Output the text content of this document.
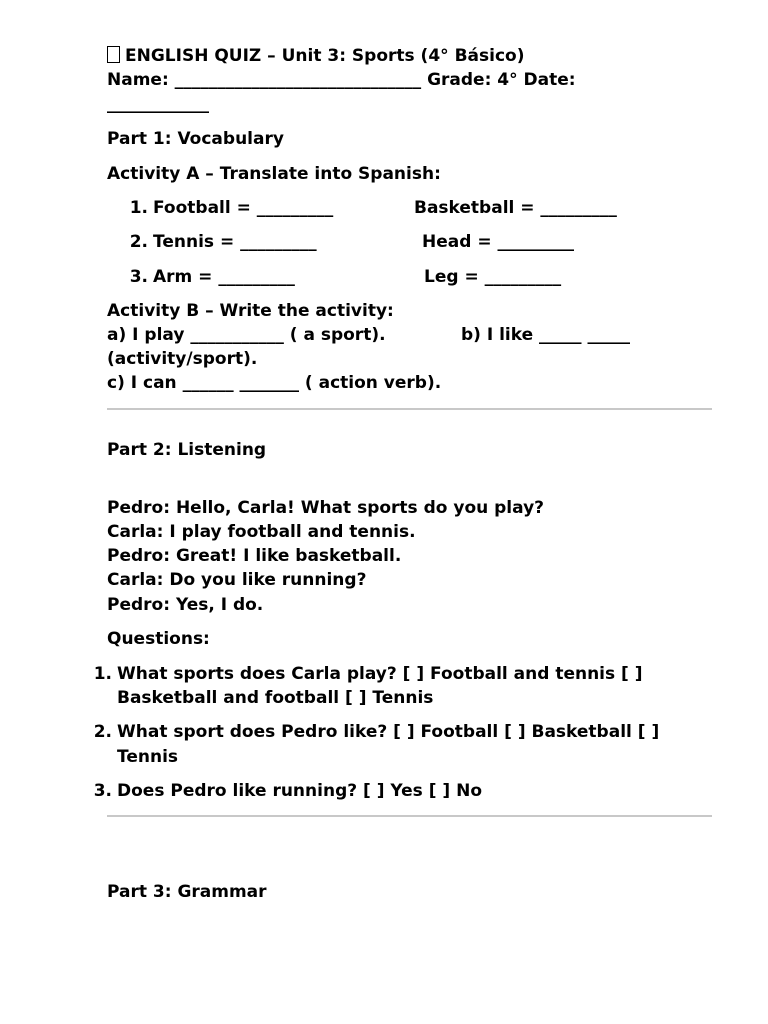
ENGLISH QUIZ – Unit 3: Sports (4° Básico)
Name: _____________________________ Grade: 4° Date:
____________
Part 1: Vocabulary
Activity A – Translate into Spanish:
1. Football = _________	Basketball = _________
2. Tennis = _________	Head = _________
3. Arm = _________	Leg = _________
Activity B – Write the activity:
a) I play ___________ ( a sport).	b) I like _____ _____
(activity/sport).
c) I can ______ _______ ( action verb).
Part 2: Listening
Pedro: Hello, Carla! What sports do you play?
Carla: I play football and tennis.
Pedro: Great! I like basketball.
Carla: Do you like running?
Pedro: Yes, I do.
Questions:
1. What sports does Carla play? [ ] Football and tennis [ ]
Basketball and football [ ] Tennis
2. What sport does Pedro like? [ ] Football [ ] Basketball [ ]
Tennis
3. Does Pedro like running? [ ] Yes [ ] No
Part 3: Grammar
